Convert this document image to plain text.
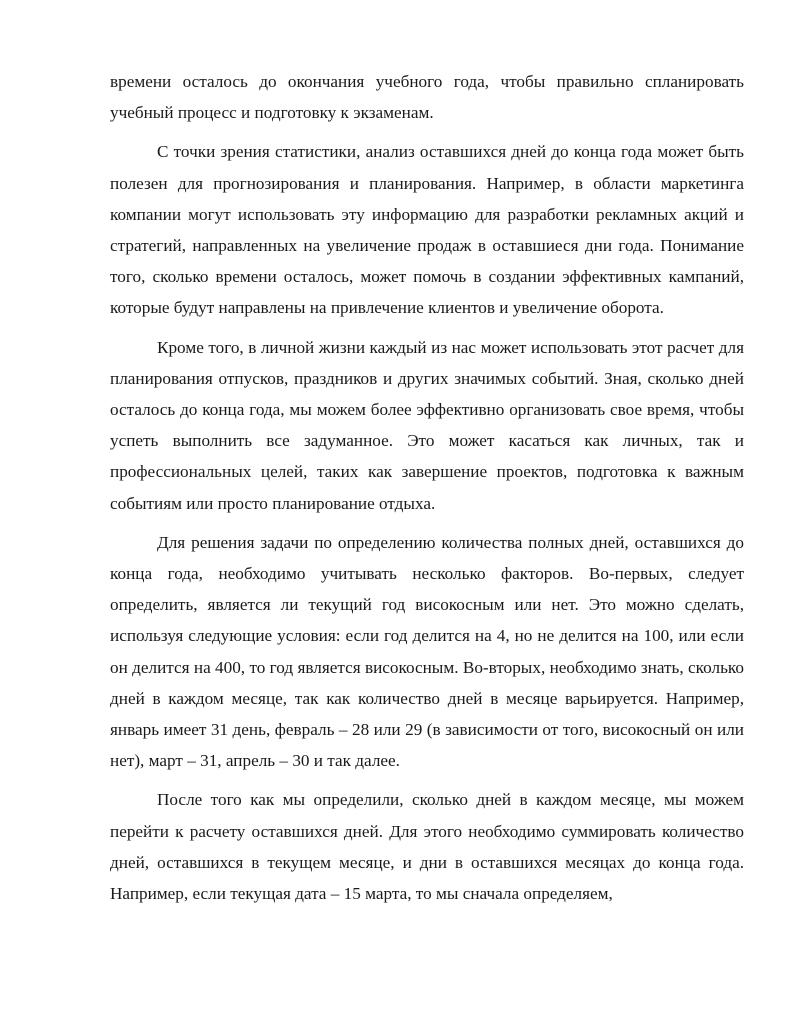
времени осталось до окончания учебного года, чтобы правильно спланировать учебный процесс и подготовку к экзаменам.

С точки зрения статистики, анализ оставшихся дней до конца года может быть полезен для прогнозирования и планирования. Например, в области маркетинга компании могут использовать эту информацию для разработки рекламных акций и стратегий, направленных на увеличение продаж в оставшиеся дни года. Понимание того, сколько времени осталось, может помочь в создании эффективных кампаний, которые будут направлены на привлечение клиентов и увеличение оборота.

Кроме того, в личной жизни каждый из нас может использовать этот расчет для планирования отпусков, праздников и других значимых событий. Зная, сколько дней осталось до конца года, мы можем более эффективно организовать свое время, чтобы успеть выполнить все задуманное. Это может касаться как личных, так и профессиональных целей, таких как завершение проектов, подготовка к важным событиям или просто планирование отдыха.

Для решения задачи по определению количества полных дней, оставшихся до конца года, необходимо учитывать несколько факторов. Во-первых, следует определить, является ли текущий год високосным или нет. Это можно сделать, используя следующие условия: если год делится на 4, но не делится на 100, или если он делится на 400, то год является високосным. Во-вторых, необходимо знать, сколько дней в каждом месяце, так как количество дней в месяце варьируется. Например, январь имеет 31 день, февраль – 28 или 29 (в зависимости от того, високосный он или нет), март – 31, апрель – 30 и так далее.

После того как мы определили, сколько дней в каждом месяце, мы можем перейти к расчету оставшихся дней. Для этого необходимо суммировать количество дней, оставшихся в текущем месяце, и дни в оставшихся месяцах до конца года. Например, если текущая дата – 15 марта, то мы сначала определяем,
